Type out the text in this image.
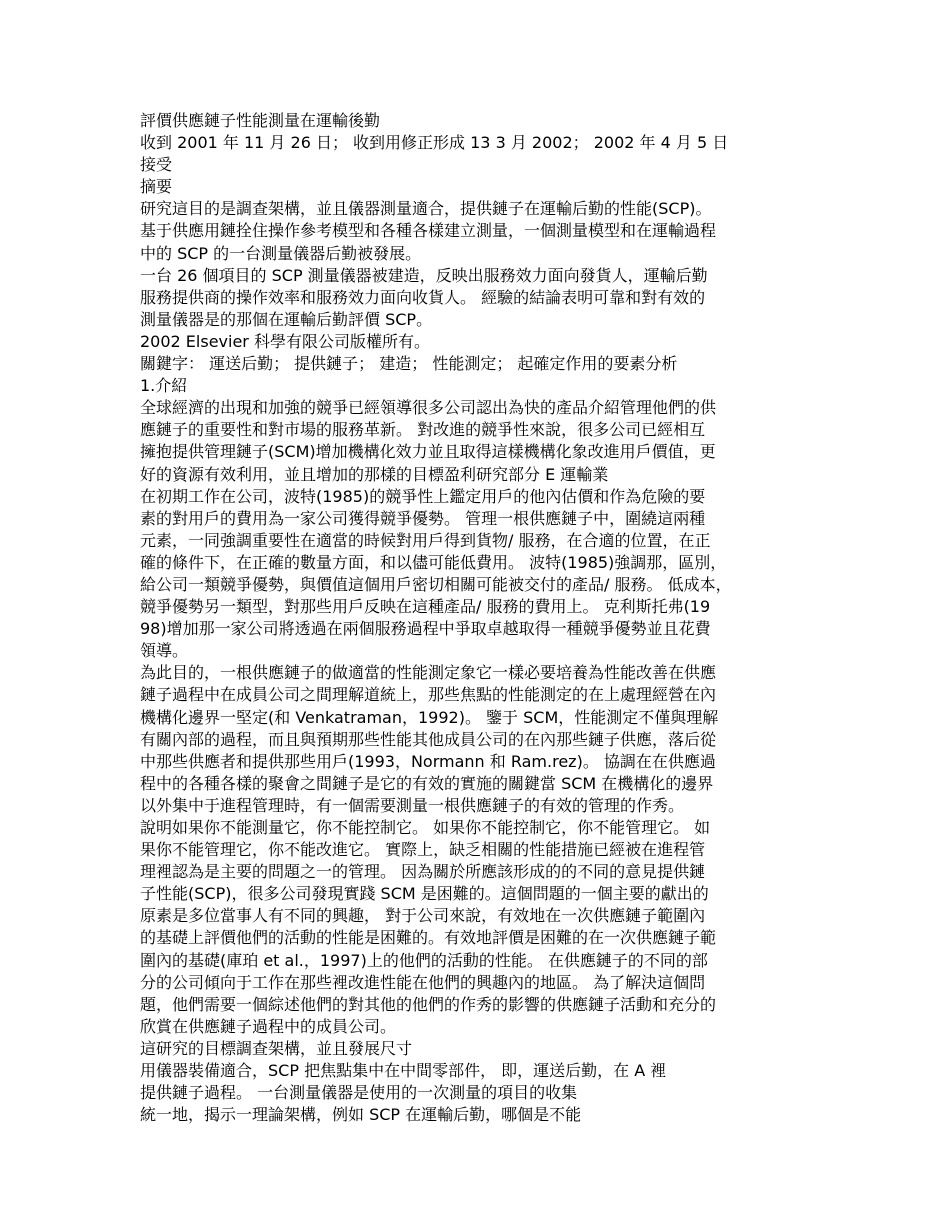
評價供應鏈子性能測量在運輸後勤
收到 2001 年 11 月 26 日； 收到用修正形成 13 3 月 2002； 2002 年 4 月 5 日
接受
摘要
研究這目的是調查架構，並且儀器測量適合，提供鏈子在運輸后勤的性能(SCP)。
基于供應用鏈拴住操作參考模型和各種各樣建立測量，一個測量模型和在運輸過程
中的 SCP 的一台測量儀器后勤被發展。
一台 26 個項目的 SCP 測量儀器被建造，反映出服務效力面向發貨人，運輸后勤
服務提供商的操作效率和服務效力面向收貨人。 經驗的結論表明可靠和對有效的
測量儀器是的那個在運輸后勤評價 SCP。
2002 Elsevier 科學有限公司版權所有。
關鍵字： 運送后勤； 提供鏈子； 建造； 性能測定； 起確定作用的要素分析
1.介紹
全球經濟的出現和加強的競爭已經領導很多公司認出為快的產品介紹管理他們的供
應鏈子的重要性和對市場的服務革新。 對改進的競爭性來說，很多公司已經相互
擁抱提供管理鏈子(SCM)增加機構化效力並且取得這樣機構化象改進用戶價值，更
好的資源有效利用，並且增加的那樣的目標盈利研究部分 E 運輸業
在初期工作在公司，波特(1985)的競爭性上鑑定用戶的他內估價和作為危險的要
素的對用戶的費用為一家公司獲得競爭優勢。 管理一根供應鏈子中，圍繞這兩種
元素，一同強調重要性在適當的時候對用戶得到貨物/ 服務，在合適的位置，在正
確的條件下，在正確的數量方面，和以儘可能低費用。 波特(1985)強調那，區別，
給公司一類競爭優勢，與價值這個用戶密切相關可能被交付的產品/ 服務。 低成本，
競爭優勢另一類型，對那些用戶反映在這種產品/ 服務的費用上。 克利斯托弗(19
98)增加那一家公司將透過在兩個服務過程中爭取卓越取得一種競爭優勢並且花費
領導。
為此目的，一根供應鏈子的做適當的性能測定象它一樣必要培養為性能改善在供應
鏈子過程中在成員公司之間理解道統上，那些焦點的性能測定的在上處理經營在內
機構化邊界一堅定(和 Venkatraman，1992)。 鑒于 SCM，性能測定不僅與理解
有關內部的過程，而且與預期那些性能其他成員公司的在內那些鏈子供應，落后從
中那些供應者和提供那些用戶(1993，Normann 和 Ram.rez)。 協調在在供應過
程中的各種各樣的聚會之間鏈子是它的有效的實施的關鍵當 SCM 在機構化的邊界
以外集中于進程管理時，有一個需要測量一根供應鏈子的有效的管理的作秀。
說明如果你不能測量它，你不能控制它。 如果你不能控制它，你不能管理它。 如
果你不能管理它，你不能改進它。 實際上，缺乏相關的性能措施已經被在進程管
理裡認為是主要的問題之一的管理。 因為關於所應該形成的的不同的意見提供鏈
子性能(SCP)，很多公司發現實踐 SCM 是困難的。這個問題的一個主要的獻出的
原素是多位當事人有不同的興趣， 對于公司來說，有效地在一次供應鏈子範圍內
的基礎上評價他們的活動的性能是困難的。有效地評價是困難的在一次供應鏈子範
圍內的基礎(庫珀 et al.，1997)上的他們的活動的性能。 在供應鏈子的不同的部
分的公司傾向于工作在那些裡改進性能在他們的興趣內的地區。 為了解決這個問
題，他們需要一個綜述他們的對其他的他們的作秀的影響的供應鏈子活動和充分的
欣賞在供應鏈子過程中的成員公司。
這研究的目標調查架構，並且發展尺寸
用儀器裝備適合，SCP 把焦點集中在中間零部件， 即，運送后勤，在 A 裡
提供鏈子過程。 一台測量儀器是使用的一次測量的項目的收集
統一地，揭示一理論架構，例如 SCP 在運輸后勤，哪個是不能
